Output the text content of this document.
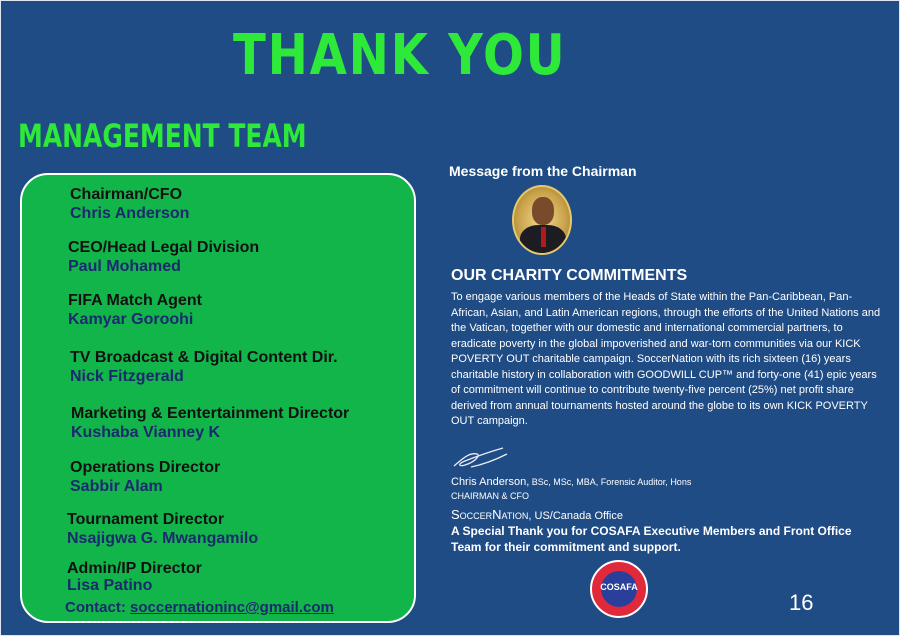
THANK YOU
MANAGEMENT TEAM
Chairman/CFO
Chris Anderson
CEO/Head Legal Division
Paul Mohamed
FIFA Match Agent
Kamyar Goroohi
TV Broadcast & Digital Content Dir.
Nick Fitzgerald
Marketing & Eentertainment Director
Kushaba Vianney K
Operations Director
Sabbir Alam
Tournament Director
Nsajigwa G. Mwangamilo
Admin/IP Director
Lisa Patino
Contact: soccernationinc@gmail.com
Message from the Chairman
OUR CHARITY COMMITMENTS
To engage various members of the Heads of State within the Pan-Caribbean, Pan-African, Asian, and Latin American regions, through the efforts of the United Nations and the Vatican, together with our domestic and international commercial partners, to eradicate poverty in the global impoverished and war-torn communities via our KICK POVERTY OUT charitable campaign. SoccerNation with its rich sixteen (16) years charitable history in collaboration with GOODWILL CUP™ and forty-one (41) epic years of commitment will continue to contribute twenty-five percent (25%) net profit share derived from annual tournaments hosted around the globe to its own KICK POVERTY OUT campaign.
Chris Anderson, BSc, MSc, MBA, Forensic Auditor, Hons
CHAIRMAN & CFO
SoccerNation, US/Canada Office
A Special Thank you for COSAFA Executive Members and Front Office Team for their commitment and support.
COSAFA
16
